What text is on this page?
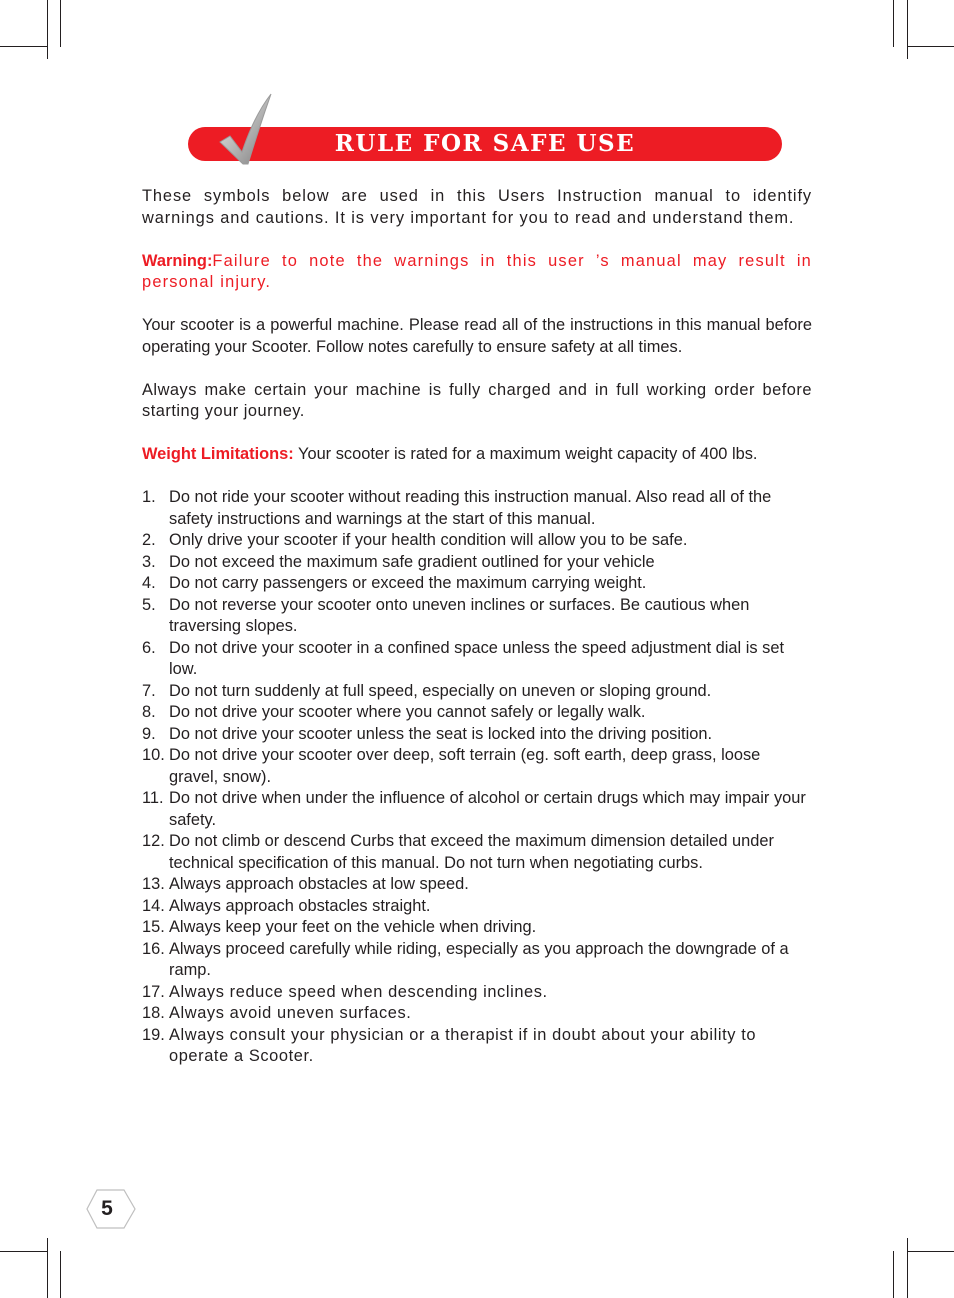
RULE FOR SAFE USE

These symbols below are used in this Users Instruction manual to identify warnings and cautions. It is very important for you to read and understand them.

Warning:Failure to note the warnings in this user ’s manual may result in personal injury.

Your scooter is a powerful machine. Please read all of the instructions in this manual before operating your Scooter. Follow notes carefully to ensure safety at all times.

Always make certain your machine is fully charged and in full working order before starting your journey.

Weight Limitations: Your scooter is rated for a maximum weight capacity of 400 lbs.

1. Do not ride your scooter without reading this instruction manual. Also read all of the safety instructions and warnings at the start of this manual.
2. Only drive your scooter if your health condition will allow you to be safe.
3. Do not exceed the maximum safe gradient outlined for your vehicle
4. Do not carry passengers or exceed the maximum carrying weight.
5. Do not reverse your scooter onto uneven inclines or surfaces. Be cautious when traversing slopes.
6. Do not drive your scooter in a confined space unless the speed adjustment dial is set low.
7. Do not turn suddenly at full speed, especially on uneven or sloping ground.
8. Do not drive your scooter where you cannot safely or legally walk.
9. Do not drive your scooter unless the seat is locked into the driving position.
10. Do not drive your scooter over deep, soft terrain (eg. soft earth, deep grass, loose gravel, snow).
11. Do not drive when under the influence of alcohol or certain drugs which may impair your safety.
12. Do not climb or descend Curbs that exceed the maximum dimension detailed under technical specification of this manual. Do not turn when negotiating curbs.
13. Always approach obstacles at low speed.
14. Always approach obstacles straight.
15. Always keep your feet on the vehicle when driving.
16. Always proceed carefully while riding, especially as you approach the downgrade of a ramp.
17. Always reduce speed when descending inclines.
18. Always avoid uneven surfaces.
19. Always consult your physician or a therapist if in doubt about your ability to operate a Scooter.
5
